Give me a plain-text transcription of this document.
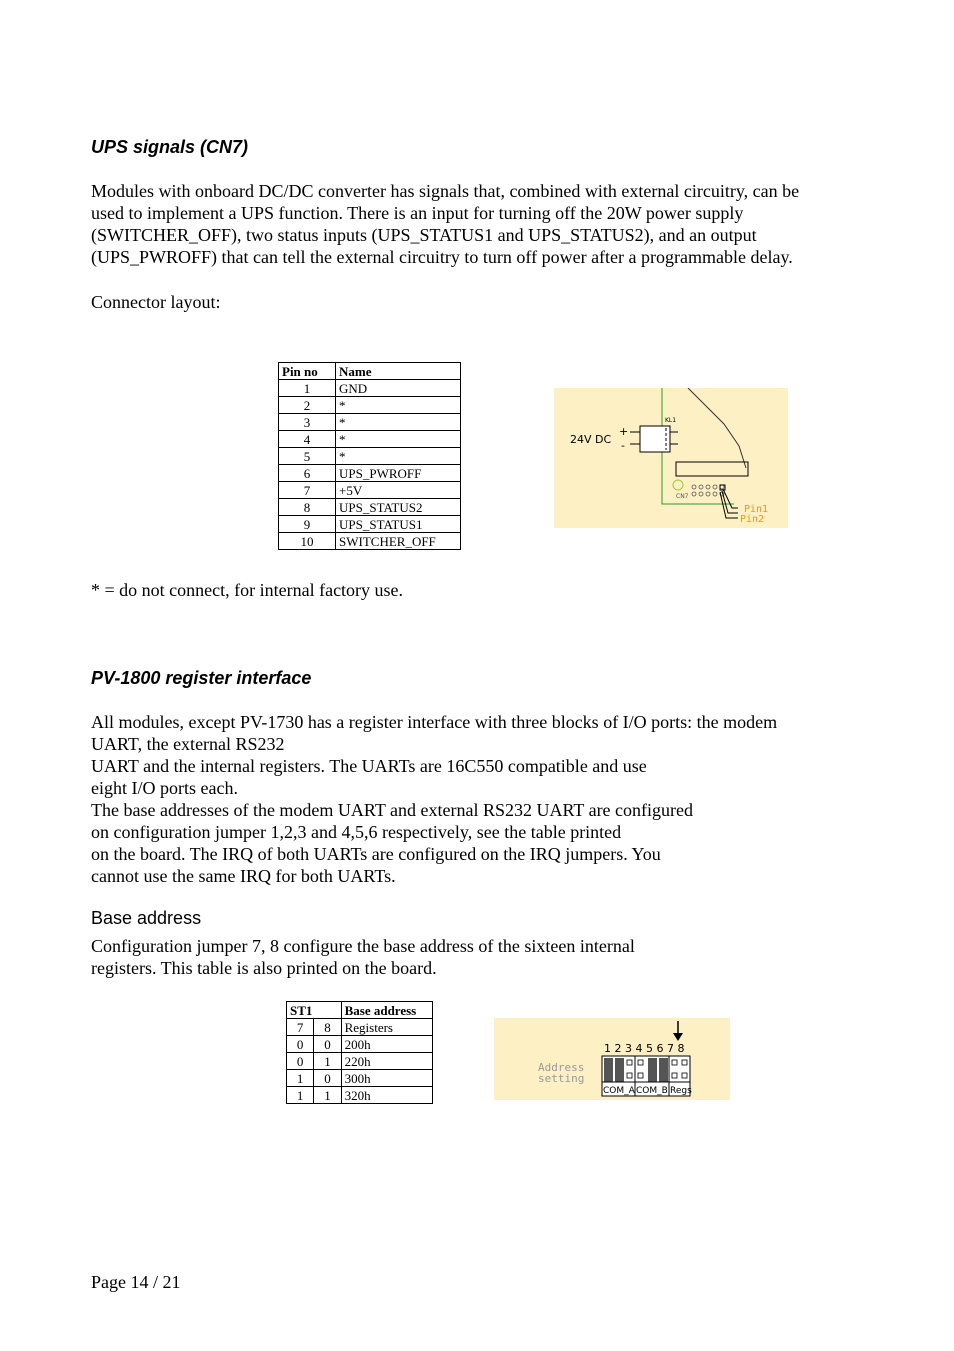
UPS signals (CN7)
Modules with onboard DC/DC converter has signals that, combined with external circuitry, can be
used to implement a UPS function. There is an input for turning off the 20W power supply
(SWITCHER_OFF), two status inputs (UPS_STATUS1 and UPS_STATUS2), and an output
(UPS_PWROFF) that can tell the external circuitry to turn off power after a programmable delay.
Connector layout:
Pin no	Name
1	GND
2	*
3	*
4	*
5	*
6	UPS_PWROFF
7	+5V
8	UPS_STATUS2
9	UPS_STATUS1
10	SWITCHER_OFF
24V DC
+
-
KL1
CN7
Pin1
Pin2
* = do not connect, for internal factory use.
PV-1800 register interface
All modules, except PV-1730 has a register interface with three blocks of I/O ports: the modem
UART, the external RS232
UART and the internal registers. The UARTs are 16C550 compatible and use
eight I/O ports each.
The base addresses of the modem UART and external RS232 UART are configured
on configuration jumper 1,2,3 and 4,5,6 respectively, see the table printed
on the board. The IRQ of both UARTs are configured on the IRQ jumpers. You
cannot use the same IRQ for both UARTs.
Base address
Configuration jumper 7, 8 configure the base address of the sixteen internal
registers. This table is also printed on the board.
ST1		Base address
7	8	Registers
0	0	200h
0	1	220h
1	0	300h
1	1	320h
Address
setting
1 2 3 4 5 6 7 8
COM_A COM_B Regs
Page 14 / 21
